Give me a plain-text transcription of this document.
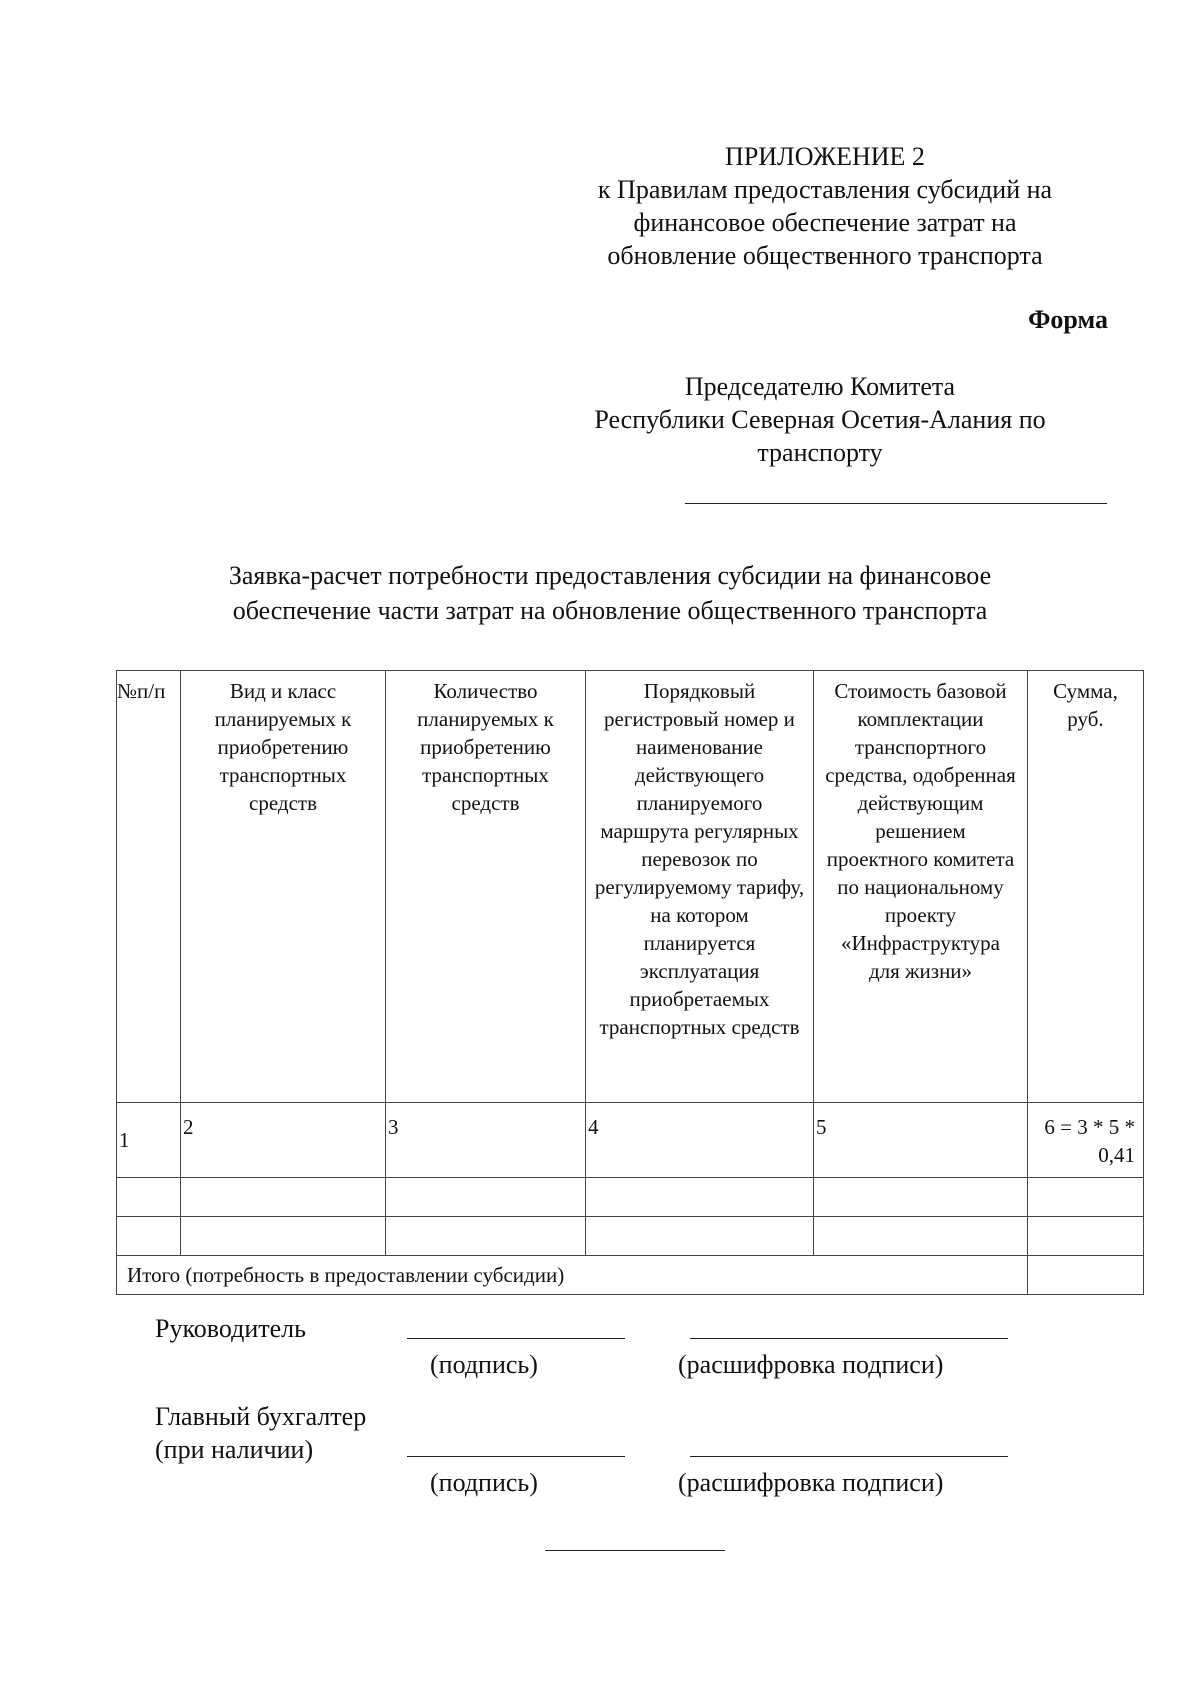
ПРИЛОЖЕНИЕ 2
к Правилам предоставления субсидий на
финансовое обеспечение затрат на
обновление общественного транспорта
Форма
Председателю Комитета
Республики Северная Осетия-Алания по
транспорту
Заявка-расчет потребности предоставления субсидии на финансовое
обеспечение части затрат на обновление общественного транспорта
№п/п	Вид и класс планируемых к приобретению транспортных средств	Количество планируемых к приобретению транспортных средств	Порядковый регистровый номер и наименование действующего планируемого маршрута регулярных перевозок по регулируемому тарифу, на котором планируется эксплуатация приобретаемых транспортных средств	Стоимость базовой комплектации транспортного средства, одобренная действующим решением проектного комитета по национальному проекту «Инфраструктура для жизни»	Сумма, руб.
1	2	3	4	5	6 = 3 * 5 * 0,41

Итого (потребность в предоставлении субсидии)					
Руководитель
(подпись)	(расшифровка подписи)
Главный бухгалтер
(при наличии)
(подпись)	(расшифровка подписи)
